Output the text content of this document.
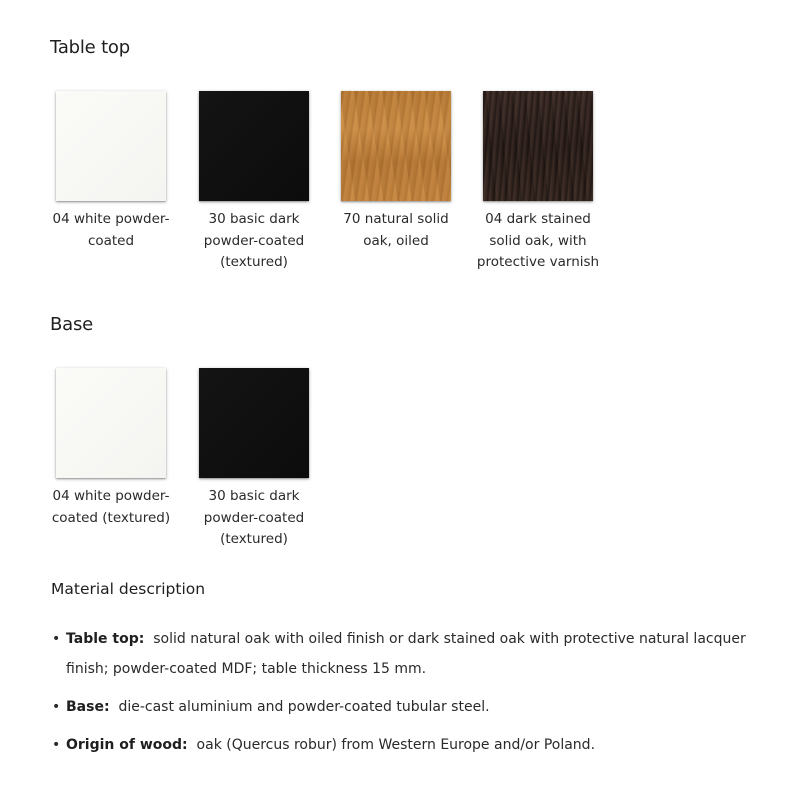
Table top
04 white powder-
coated
30 basic dark
powder-coated
(textured)
70 natural solid
oak, oiled
04 dark stained
solid oak, with
protective varnish
Base
04 white powder-
coated (textured)
30 basic dark
powder-coated
(textured)
Material description
• Table top: solid natural oak with oiled finish or dark stained oak with protective natural lacquer finish; powder-coated MDF; table thickness 15 mm.
• Base: die-cast aluminium and powder-coated tubular steel.
• Origin of wood: oak (Quercus robur) from Western Europe and/or Poland.
